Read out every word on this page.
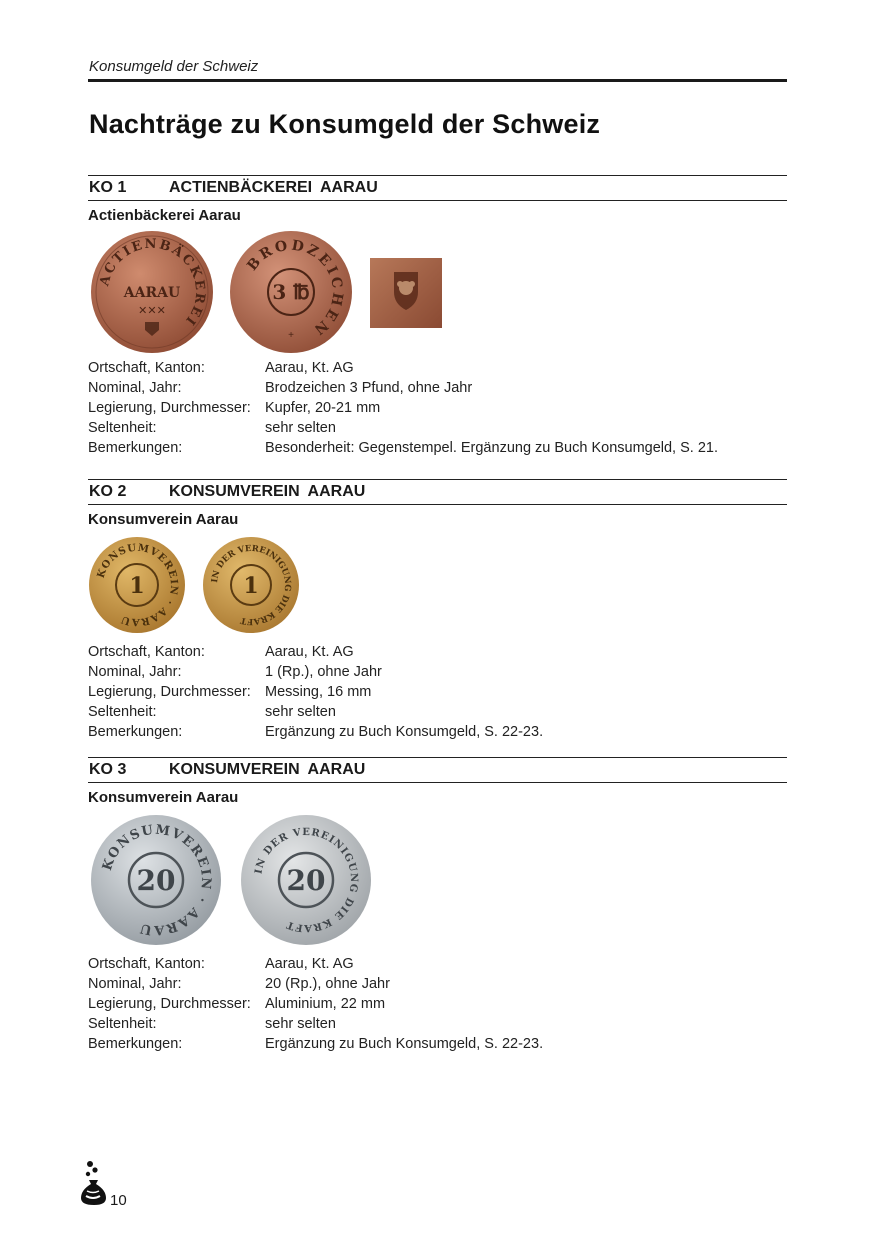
Konsumgeld der Schweiz
Nachträge zu Konsumgeld der Schweiz
KO 1	ACTIENBÄCKEREI AARAU
Actienbäckerei Aarau
ACTIENBÄCKEREI
AARAU
✕✕✕
BRODZEICHEN
3 ℔
+
Ortschaft, Kanton:	Aarau, Kt. AG
Nominal, Jahr:	Brodzeichen 3 Pfund, ohne Jahr
Legierung, Durchmesser: Kupfer, 20-21 mm
Seltenheit:	sehr selten
Bemerkungen:	Besonderheit: Gegenstempel. Ergänzung zu Buch Konsumgeld, S. 21.
KO 2	KONSUMVEREIN AARAU
Konsumverein Aarau
KONSUMVEREIN · AARAU
1	IN DER VEREINIGUNG DIE KRAFT
1
Ortschaft, Kanton:	Aarau, Kt. AG
Nominal, Jahr:	1 (Rp.), ohne Jahr
Legierung, Durchmesser: Messing, 16 mm
Seltenheit:	sehr selten
Bemerkungen:	Ergänzung zu Buch Konsumgeld, S. 22-23.
KO 3	KONSUMVEREIN AARAU
Konsumverein Aarau
KONSUMVEREIN · AARAU
20	IN DER VEREINIGUNG DIE KRAFT
20
Ortschaft, Kanton:	Aarau, Kt. AG
Nominal, Jahr:	20 (Rp.), ohne Jahr
Legierung, Durchmesser: Aluminium, 22 mm
Seltenheit:	sehr selten
Bemerkungen:	Ergänzung zu Buch Konsumgeld, S. 22-23.
10
